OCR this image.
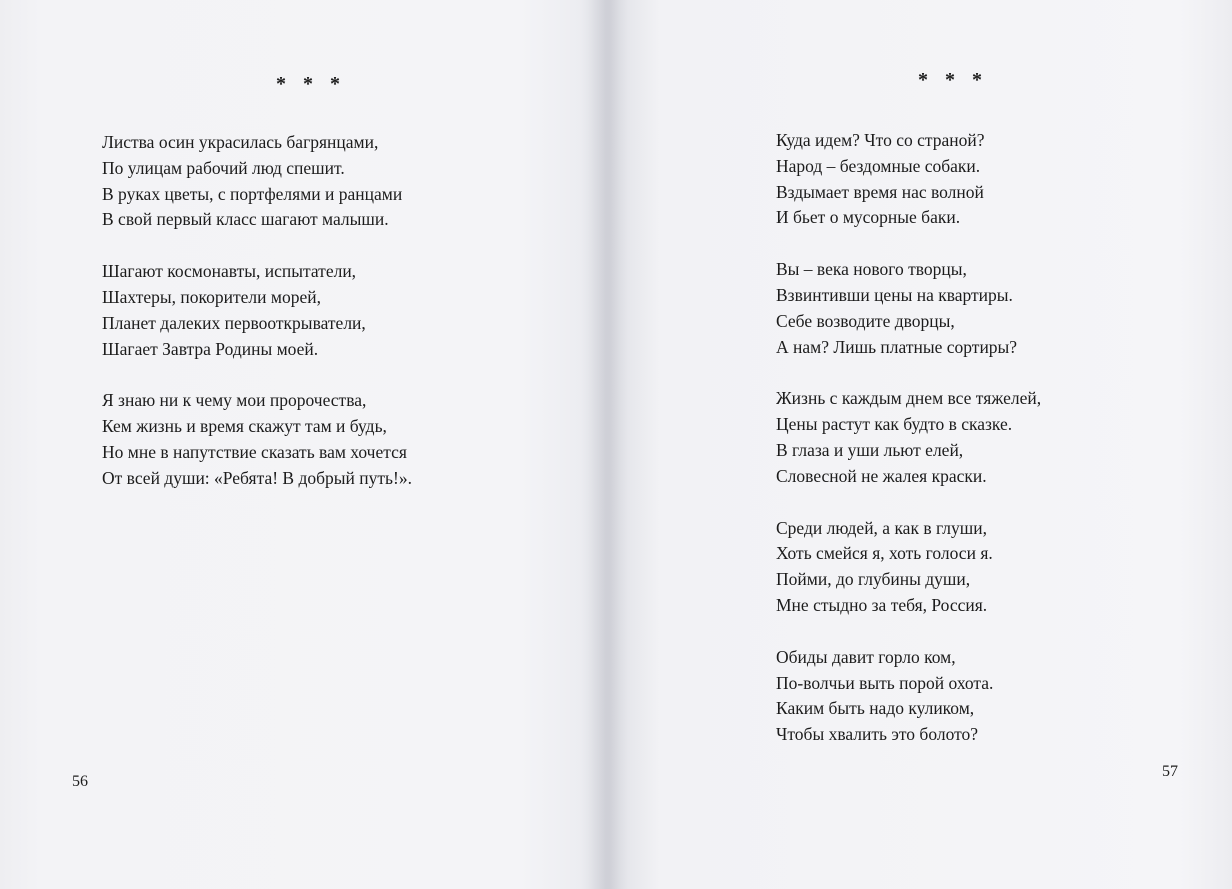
* * *
Листва осин украсилась багрянцами,
По улицам рабочий люд спешит.
В руках цветы, с портфелями и ранцами
В свой первый класс шагают малыши.
Шагают космонавты, испытатели,
Шахтеры, покорители морей,
Планет далеких первооткрыватели,
Шагает Завтра Родины моей.
Я знаю ни к чему мои пророчества,
Кем жизнь и время скажут там и будь,
Но мне в напутствие сказать вам хочется
От всей души: «Ребята! В добрый путь!».
56
* * *
Куда идем? Что со страной?
Народ – бездомные собаки.
Вздымает время нас волной
И бьет о мусорные баки.
Вы – века нового творцы,
Взвинтивши цены на квартиры.
Себе возводите дворцы,
А нам? Лишь платные сортиры?
Жизнь с каждым днем все тяжелей,
Цены растут как будто в сказке.
В глаза и уши льют елей,
Словесной не жалея краски.
Среди людей, а как в глуши,
Хоть смейся я, хоть голоси я.
Пойми, до глубины души,
Мне стыдно за тебя, Россия.
Обиды давит горло ком,
По-волчьи выть порой охота.
Каким быть надо куликом,
Чтобы хвалить это болото?
57
